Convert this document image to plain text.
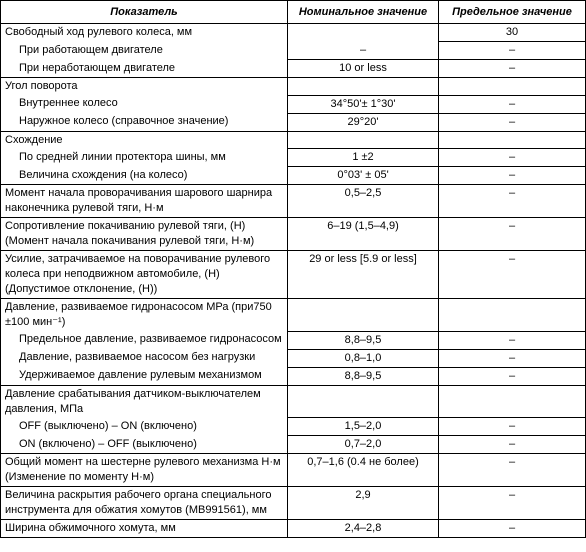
Показатель	Номинальное значение	Предельное значение
Свободный ход рулевого колеса, мм		30
При работающем двигателе	–	–
При неработающем двигателе	10 or less	–
Угол поворота		
Внутреннее колесо	34°50'± 1°30'	–
Наружное колесо (справочное значение)	29°20'	–
Схождение		
По средней линии протектора шины, мм	1 ±2	–
Величина схождения (на колесо)	0°03' ± 05'	–
Момент начала проворачивания шарового шарнира наконечника рулевой тяги, Н·м	0,5–2,5	–
Сопротивление покачиванию рулевой тяги, (Н) (Момент начала покачивания рулевой тяги, Н·м)	6–19 (1,5–4,9)	–
Усилие, затрачиваемое на поворачивание рулевого колеса при неподвижном автомобиле, (Н) (Допустимое отклонение, (Н))	29 or less [5.9 or less]	–
Давление, развиваемое гидронасосом МРа (при750 ±100 мин⁻¹)		
Предельное давление, развиваемое гидронасосом	8,8–9,5	–
Давление, развиваемое насосом без нагрузки	0,8–1,0	–
Удерживаемое давление рулевым механизмом	8,8–9,5	–
Давление срабатывания датчиком-выключателем давления, МПа		
OFF (выключено) – ON (включено)	1,5–2,0	–
ON (включено) – OFF (выключено)	0,7–2,0	–
Общий момент на шестерне рулевого механизма Н·м (Изменение по моменту Н·м)	0,7–1,6 (0.4 не более)	–
Величина раскрытия рабочего органа специального инструмента для обжатия хомутов (МВ991561), мм	2,9	–
Ширина обжимочного хомута, мм	2,4–2,8	–
